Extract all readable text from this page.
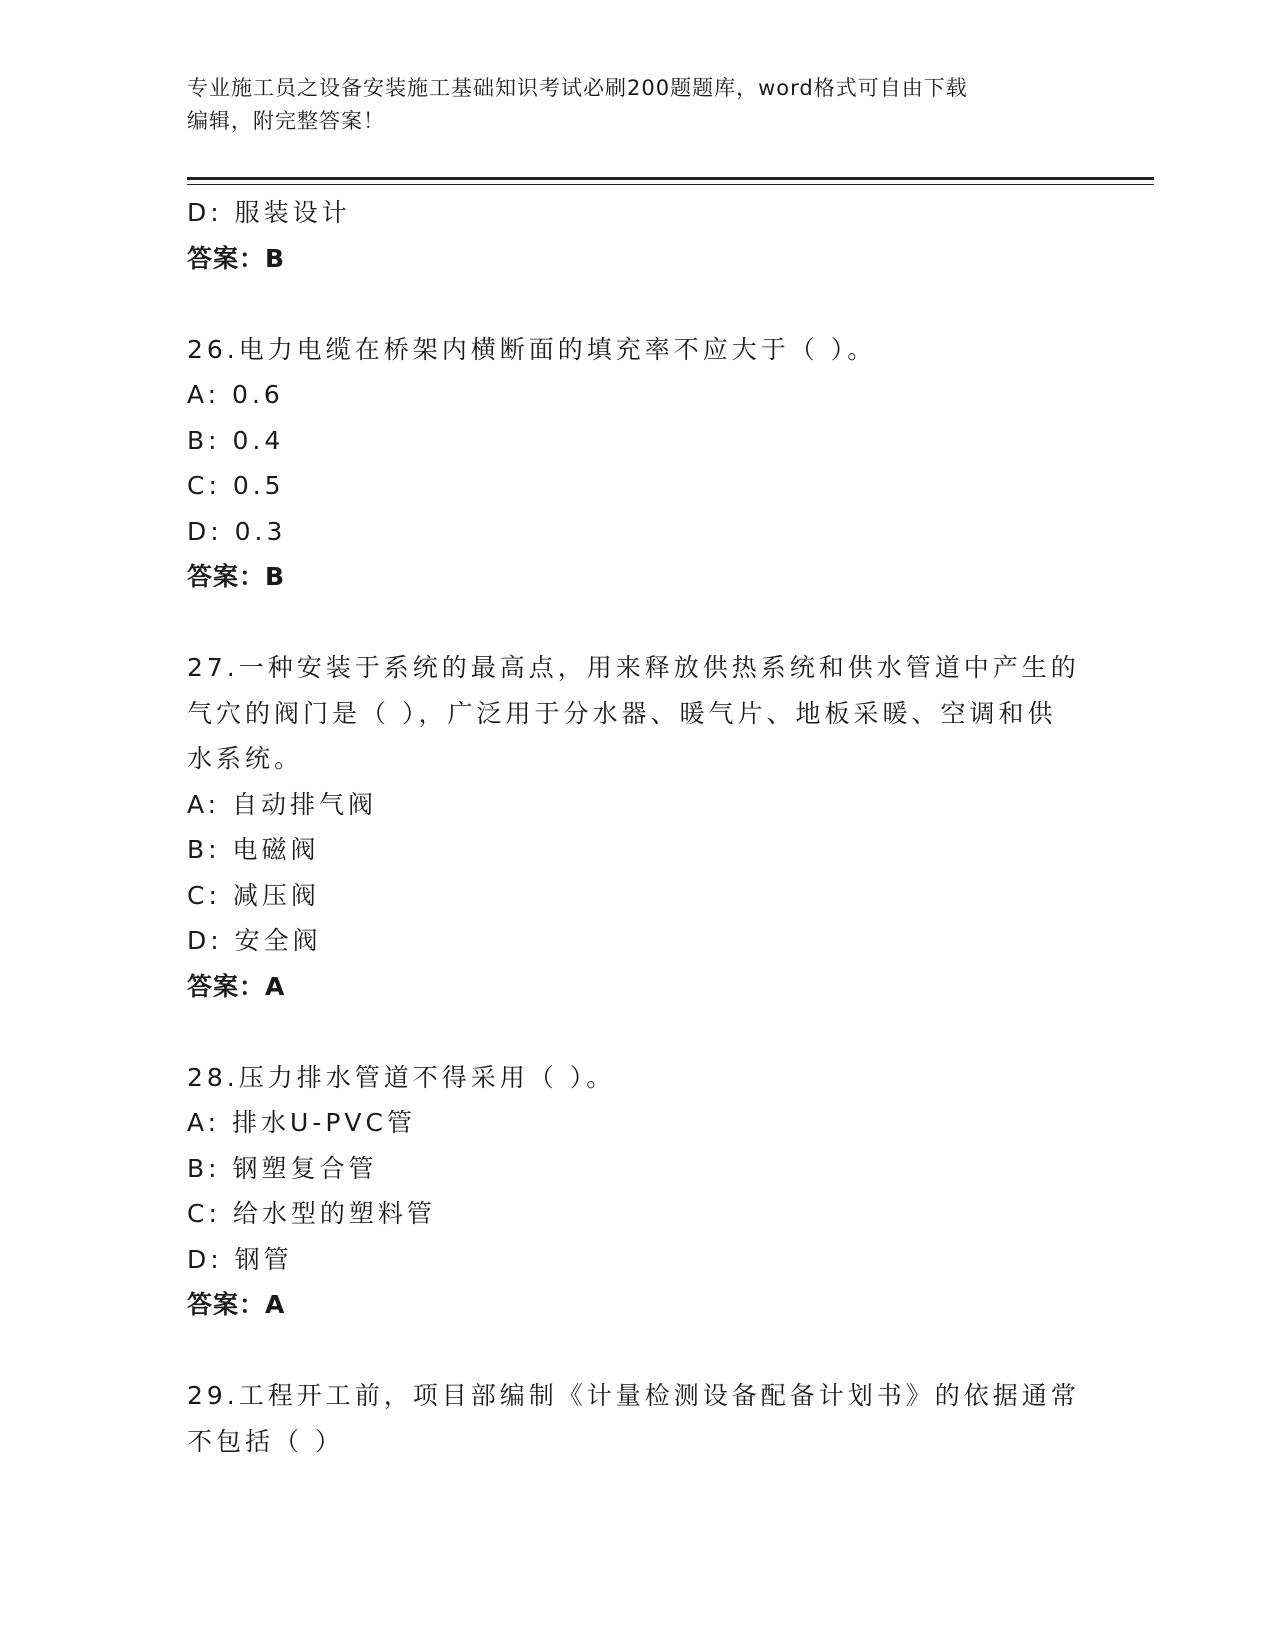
专业施工员之设备安装施工基础知识考试必刷200题题库，word格式可自由下载
编辑，附完整答案！
D: 服装设计
答案：B
26.电力电缆在桥架内横断面的填充率不应大于（ ）。
A: 0.6
B: 0.4
C: 0.5
D: 0.3
答案：B
27.一种安装于系统的最高点，用来释放供热系统和供水管道中产生的
气穴的阀门是（ ），广泛用于分水器、暖气片、地板采暖、空调和供
水系统。
A: 自动排气阀
B: 电磁阀
C: 减压阀
D: 安全阀
答案：A
28.压力排水管道不得采用（ ）。
A: 排水U-PVC管
B: 钢塑复合管
C: 给水型的塑料管
D: 钢管
答案：A
29.工程开工前，项目部编制《计量检测设备配备计划书》的依据通常
不包括（ ）
